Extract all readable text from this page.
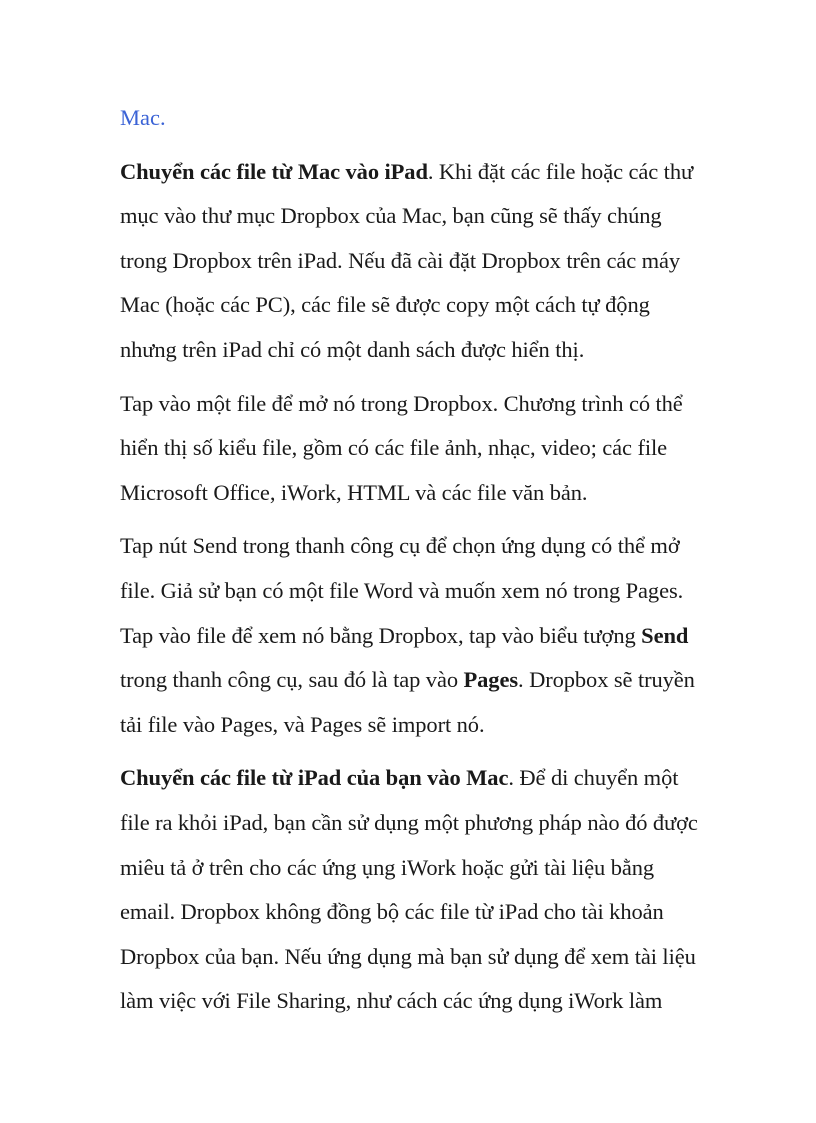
Mac.

Chuyển các file từ Mac vào iPad. Khi đặt các file hoặc các thư
mục vào thư mục Dropbox của Mac, bạn cũng sẽ thấy chúng
trong Dropbox trên iPad. Nếu đã cài đặt Dropbox trên các máy
Mac (hoặc các PC), các file sẽ được copy một cách tự động
nhưng trên iPad chỉ có một danh sách được hiển thị.

Tap vào một file để mở nó trong Dropbox. Chương trình có thể
hiển thị số kiểu file, gồm có các file ảnh, nhạc, video; các file
Microsoft Office, iWork, HTML và các file văn bản.

Tap nút Send trong thanh công cụ để chọn ứng dụng có thể mở
file. Giả sử bạn có một file Word và muốn xem nó trong Pages.
Tap vào file để xem nó bằng Dropbox, tap vào biểu tượng Send
trong thanh công cụ, sau đó là tap vào Pages. Dropbox sẽ truyền
tải file vào Pages, và Pages sẽ import nó.

Chuyển các file từ iPad của bạn vào Mac. Để di chuyển một
file ra khỏi iPad, bạn cần sử dụng một phương pháp nào đó được
miêu tả ở trên cho các ứng ụng iWork hoặc gửi tài liệu bằng
email. Dropbox không đồng bộ các file từ iPad cho tài khoản
Dropbox của bạn. Nếu ứng dụng mà bạn sử dụng để xem tài liệu
làm việc với File Sharing, như cách các ứng dụng iWork làm
